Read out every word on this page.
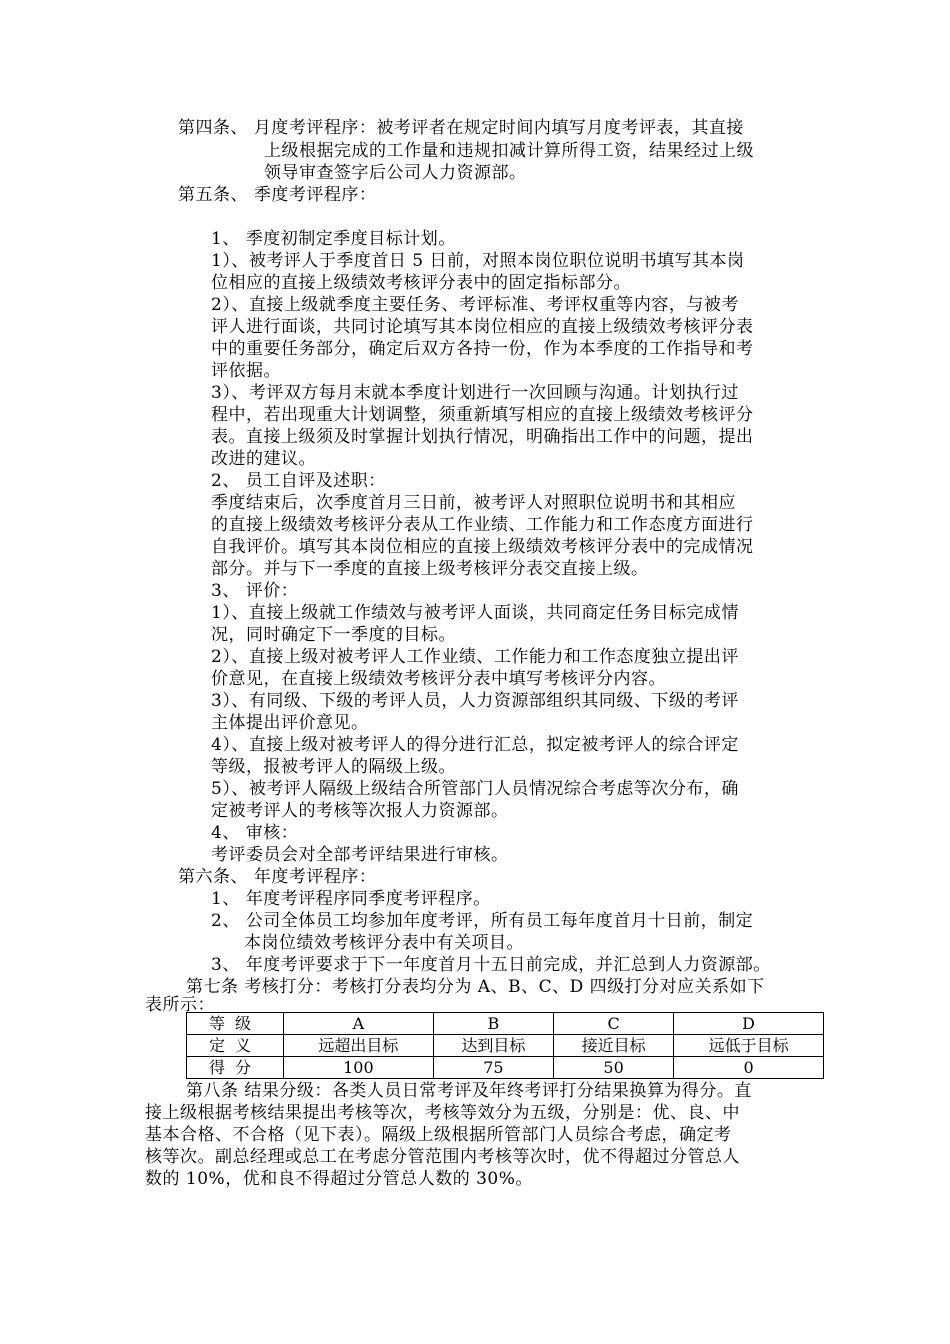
第四条、 月度考评程序：被考评者在规定时间内填写月度考评表，其直接
上级根据完成的工作量和违规扣减计算所得工资，结果经过上级
领导审查签字后公司人力资源部。
第五条、 季度考评程序：
1、 季度初制定季度目标计划。
1）、被考评人于季度首日 5 日前，对照本岗位职位说明书填写其本岗
位相应的直接上级绩效考核评分表中的固定指标部分。
2）、直接上级就季度主要任务、考评标准、考评权重等内容，与被考
评人进行面谈，共同讨论填写其本岗位相应的直接上级绩效考核评分表
中的重要任务部分，确定后双方各持一份，作为本季度的工作指导和考
评依据。
3）、考评双方每月末就本季度计划进行一次回顾与沟通。计划执行过
程中，若出现重大计划调整，须重新填写相应的直接上级绩效考核评分
表。直接上级须及时掌握计划执行情况，明确指出工作中的问题，提出
改进的建议。
2、 员工自评及述职：
季度结束后，次季度首月三日前，被考评人对照职位说明书和其相应
的直接上级绩效考核评分表从工作业绩、工作能力和工作态度方面进行
自我评价。填写其本岗位相应的直接上级绩效考核评分表中的完成情况
部分。并与下一季度的直接上级考核评分表交直接上级。
3、 评价：
1）、直接上级就工作绩效与被考评人面谈，共同商定任务目标完成情
况，同时确定下一季度的目标。
2）、直接上级对被考评人工作业绩、工作能力和工作态度独立提出评
价意见，在直接上级绩效考核评分表中填写考核评分内容。
3）、有同级、下级的考评人员，人力资源部组织其同级、下级的考评
主体提出评价意见。
4）、直接上级对被考评人的得分进行汇总，拟定被考评人的综合评定
等级，报被考评人的隔级上级。
5）、被考评人隔级上级结合所管部门人员情况综合考虑等次分布，确
定被考评人的考核等次报人力资源部。
4、 审核：
考评委员会对全部考评结果进行审核。
第六条、 年度考评程序：
1、 年度考评程序同季度考评程序。
2、 公司全体员工均参加年度考评，所有员工每年度首月十日前，制定
本岗位绩效考核评分表中有关项目。
3、 年度考评要求于下一年度首月十五日前完成，并汇总到人力资源部。
第七条 考核打分：考核打分表均分为 A、B、C、D 四级打分对应关系如下
表所示：
等级	A	B	C	D
定义	远超出目标	达到目标	接近目标	远低于目标
得分	100	75	50	0
第八条 结果分级：各类人员日常考评及年终考评打分结果换算为得分。直
接上级根据考核结果提出考核等次，考核等效分为五级，分别是：优、良、中
基本合格、不合格（见下表）。隔级上级根据所管部门人员综合考虑，确定考
核等次。副总经理或总工在考虑分管范围内考核等次时，优不得超过分管总人
数的 10%，优和良不得超过分管总人数的 30%。
